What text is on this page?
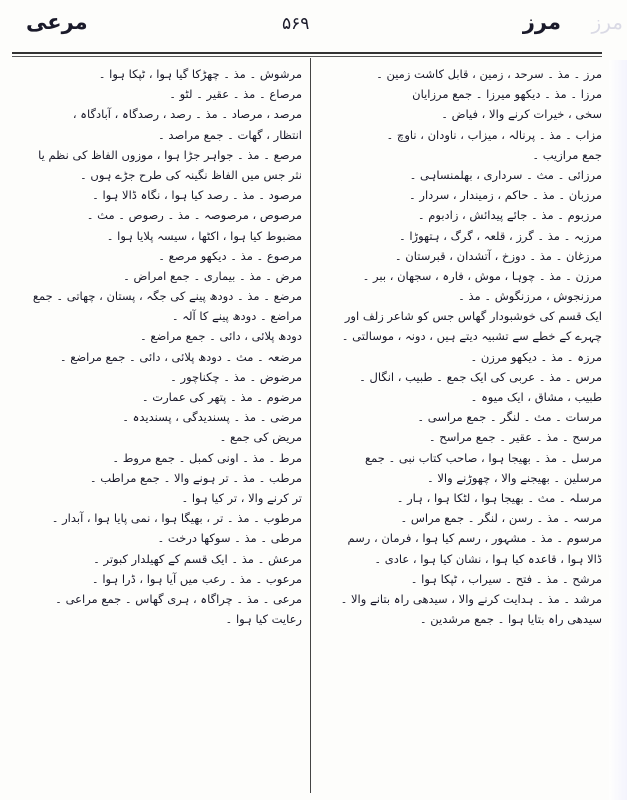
مرعی	۵۶۹	مرز مرز
مرز ۔ مذ ۔ سرحد ، زمین ، قابل کاشت زمین ۔
مرزا ۔ مذ ۔ دیکھو میرزا ۔ جمع مرزایان
سخی ، خیرات کرنے والا ، فیاض ۔
مزاب ۔ مذ ۔ پرنالہ ، میزاب ، ناودان ، ناوچ ۔
جمع مرازیب ۔
مرزائی ۔ مث ۔ سرداری ، بھلمنساہی ۔
مرزبان ۔ مذ ۔ حاکم ، زمیندار ، سردار ۔
مرزبوم ۔ مذ ۔ جائے پیدائش ، زادبوم ۔
مرزبہ ۔ مذ ۔ گرز ، قلعہ ، گرگ ، ہتھوڑا ۔
مرزغان ۔ مذ ۔ دوزخ ، آتشدان ، قبرستان ۔
مرزن ۔ مذ ۔ چوہا ، موش ، فارہ ، سجھان ، ببر ۔
مرزنجوش ، مرزنگوش ۔ مذ ۔
ایک قسم کی خوشبودار گھاس جس کو شاعر زلف اور
چہرے کے خطے سے تشبیہ دیتے ہیں ، دونہ ، موسالتی ۔
مرزہ ۔ مذ ۔ دیکھو مرزن ۔
مرس ۔ مذ ۔ عربی کی ایک جمع ۔ طبیب ، انگال ۔
طبیب ، مشاق ، ایک میوہ ۔
مرسات ۔ مث ۔ لنگر ۔ جمع مراسی ۔
مرسح ۔ مذ ۔ عقیر ۔ جمع مراسح ۔
مرسل ۔ مذ ۔ بھیجا ہوا ، صاحب کتاب نبی ۔ جمع
مرسلین ۔ بھیجنے والا ، چھوڑنے والا ۔
مرسلہ ۔ مث ۔ بھیجا ہوا ، لٹکا ہوا ، ہار ۔
مرسہ ۔ مذ ۔ رسن ، لنگر ۔ جمع مراس ۔
مرسوم ۔ مذ ۔ مشہور ، رسم کیا ہوا ، فرمان ، رسم
ڈالا ہوا ، قاعدہ کیا ہوا ، نشان کیا ہوا ، عادی ۔
مرشح ۔ مذ ۔ فتح ۔ سیراب ، ٹپکا ہوا ۔
مرشد ۔ مذ ۔ ہدایت کرنے والا ، سیدھی راہ بتانے والا ۔
سیدھی راہ بتایا ہوا ۔ جمع مرشدین ۔
مرشوش ۔ مذ ۔ چھڑکا گیا ہوا ، ٹپکا ہوا ۔
مرصاع ۔ مذ ۔ عقیر ۔ لٹو ۔
مرصد ، مرصاد ۔ مذ ۔ رصد ، رصدگاہ ، آبادگاہ ،
انتظار ، گھات ۔ جمع مراصد ۔
مرصع ۔ مذ ۔ جواہر جڑا ہوا ، موزوں الفاظ کی نظم یا
نثر جس میں الفاظ نگینہ کی طرح جڑے ہوں ۔
مرصود ۔ مذ ۔ رصد کیا ہوا ، نگاہ ڈالا ہوا ۔
مرصوص ، مرصوصہ ۔ مذ ۔ رصوص ۔ مث ۔
مضبوط کیا ہوا ، اکٹھا ، سیسہ پلایا ہوا ۔
مرصوع ۔ مذ ۔ دیکھو مرصع ۔
مرض ۔ مذ ۔ بیماری ۔ جمع امراض ۔
مرضع ۔ مذ ۔ دودھ پینے کی جگہ ، پستان ، چھاتی ۔ جمع
مراضع ۔ دودھ پینے کا آلہ ۔
دودھ پلائی ، دائی ۔ جمع مراضع ۔
مرضعہ ۔ مث ۔ دودھ پلائی ، دائی ۔ جمع مراضع ۔
مرضوض ۔ مذ ۔ چکناچور ۔
مرضوم ۔ مذ ۔ پتھر کی عمارت ۔
مرضی ۔ مذ ۔ پسندیدگی ، پسندیدہ ۔
مریض کی جمع ۔
مرط ۔ مذ ۔ اونی کمبل ۔ جمع مروط ۔
مرطب ۔ مذ ۔ تر ہونے والا ۔ جمع مراطب ۔
تر کرنے والا ، تر کیا ہوا ۔
مرطوب ۔ مذ ۔ تر ، بھیگا ہوا ، نمی پایا ہوا ، آبدار ۔
مرطی ۔ مذ ۔ سوکھا درخت ۔
مرعش ۔ مذ ۔ ایک قسم کے کھیلدار کبوتر ۔
مرعوب ۔ مذ ۔ رعب میں آیا ہوا ، ڈرا ہوا ۔
مرعی ۔ مذ ۔ چراگاہ ، ہری گھاس ۔ جمع مراعی ۔
رعایت کیا ہوا ۔
